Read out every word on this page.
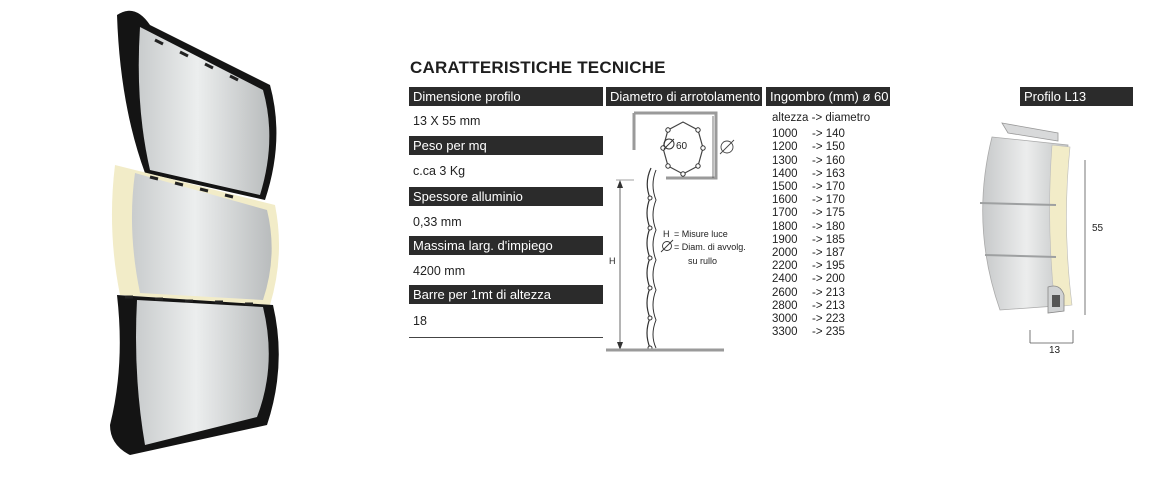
CARATTERISTICHE TECNICHE
Dimensione profilo
13 X 55 mm
Peso per mq
c.ca 3 Kg
Spessore alluminio
0,33 mm
Massima larg. d'impiego
4200 mm
Barre per 1mt di altezza
18
Diametro di arrotolamento
60
H
H = Misure luce
= Diam. di avvolg.
su rullo
Ingombro (mm) ø 60
altezza -> diametro
1000	-> 140
1200	-> 150
1300	-> 160
1400	-> 163
1500	-> 170
1600	-> 170
1700	-> 175
1800	-> 180
1900	-> 185
2000	-> 187
2200	-> 195
2400	-> 200
2600	-> 213
2800	-> 213
3000	-> 223
3300	-> 235
Profilo L13
55
13
